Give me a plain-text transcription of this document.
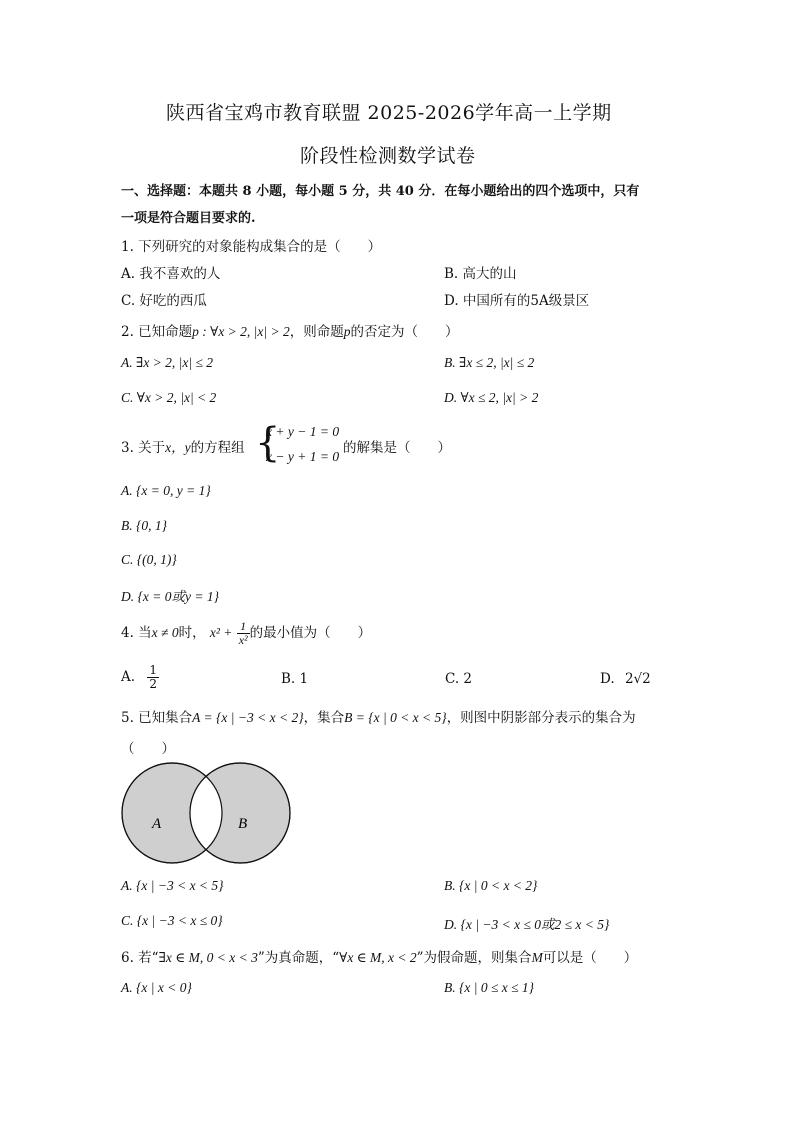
陕西省宝鸡市教育联盟 2025-2026学年高一上学期
阶段性检测数学试卷
一、选择题：本题共 8 小题，每小题 5 分，共 40 分．在每小题给出的四个选项中，只有
一项是符合题目要求的.
1. 下列研究的对象能构成集合的是（　　）
A. 我不喜欢的人	B. 高大的山
C. 好吃的西瓜	D. 中国所有的5A级景区
2. 已知命题p : ∀x > 2, |x| > 2，则命题p的否定为（　　）
A. ∃x > 2, |x| ≤ 2	B. ∃x ≤ 2, |x| ≤ 2
C. ∀x > 2, |x| < 2	D. ∀x ≤ 2, |x| > 2
3. 关于x，y的方程组 {
x + y − 1 = 0
x − y + 1 = 0
的解集是（　　）
A. {x = 0, y = 1}
B. {0, 1}
C. {(0, 1)}
D. {x = 0或y = 1}
4. 当x ≠ 0时， $x^2 + \frac{1}{\text{x²}}$ 的最小值为（　　）
A. $\frac{1}{2}$	B. 1	C. 2	D. 2√2
5. 已知集合A = {x | −3 < x < 2}，集合B = {x | 0 < x < 5}，则图中阴影部分表示的集合为
（　　）
A	B
A. {x | −3 < x < 5}	B. {x | 0 < x < 2}
C. {x | −3 < x ≤ 0}	D. {x | −3 < x ≤ 0或2 ≤ x < 5}
6. 若“∃x ∈ M, 0 < x < 3”为真命题，“∀x ∈ M, x < 2”为假命题，则集合M可以是（　　）
A. {x | x < 0}	B. {x | 0 ≤ x ≤ 1}
